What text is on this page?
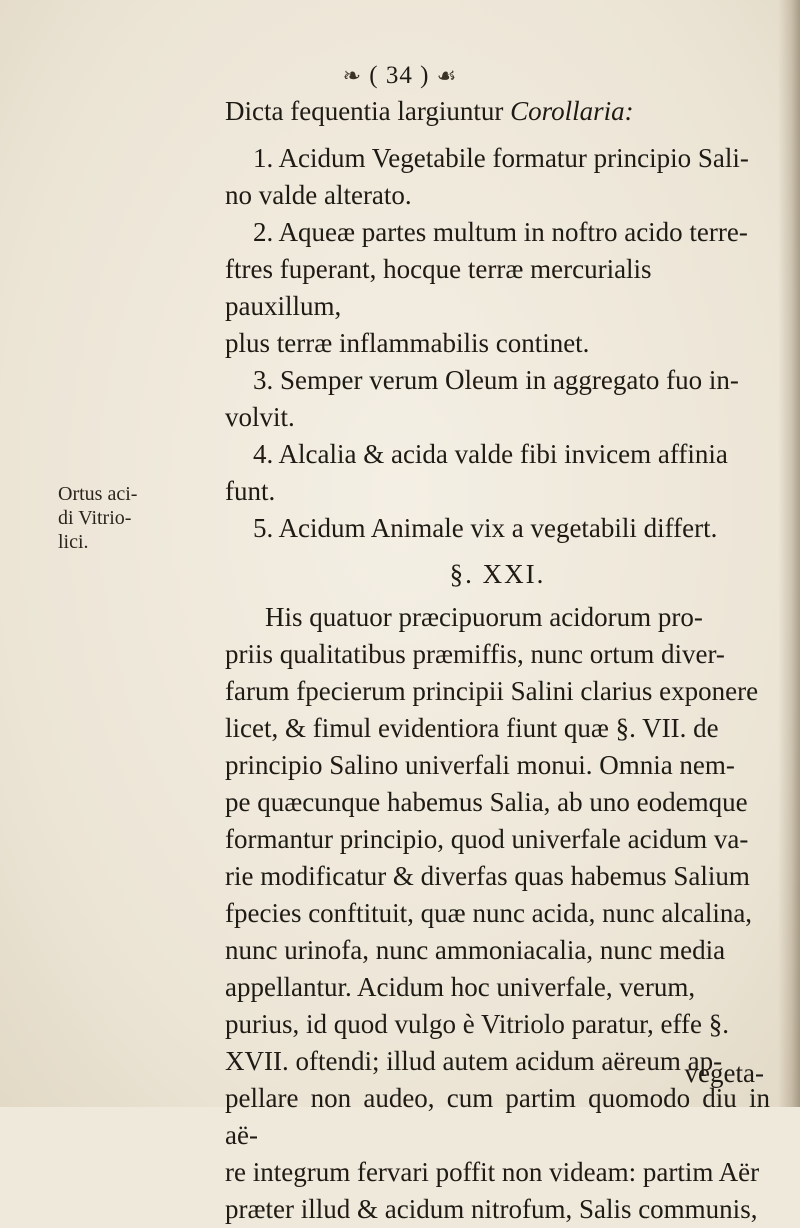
❧ ( 34 ) ☙
Dicta fequentia largiuntur Corollaria:

1. Acidum Vegetabile formatur principio Sali-

no valde alterato.

2. Aqueæ partes multum in noftro acido terre-

ftres fuperant, hocque terræ mercurialis pauxillum,

plus terræ inflammabilis continet.

3. Semper verum Oleum in aggregato fuo in-

volvit.

4. Alcalia & acida valde fibi invicem affinia funt.

5. Acidum Animale vix a vegetabili differt.

§. XXI.

His quatuor præcipuorum acidorum pro-

priis qualitatibus præmiffis, nunc ortum diver-

farum fpecierum principii Salini clarius exponere

licet, & fimul evidentiora fiunt quæ §. VII. de

principio Salino univerfali monui. Omnia nem-

pe quæcunque habemus Salia, ab uno eodemque

formantur principio, quod univerfale acidum va-

rie modificatur & diverfas quas habemus Salium

fpecies conftituit, quæ nunc acida, nunc alcalina,

nunc urinofa, nunc ammoniacalia, nunc media

appellantur. Acidum hoc univerfale, verum,

purius, id quod vulgo è Vitriolo paratur, effe §.

XVII. oftendi; illud autem acidum aëreum ap-

pellare non audeo, cum partim quomodo diu in aë-

re integrum fervari poffit non videam: partim Aër

præter illud & acidum nitrofum, Salis communis,

Ortus aci-
di Vitrio-
lici.
vegeta-
